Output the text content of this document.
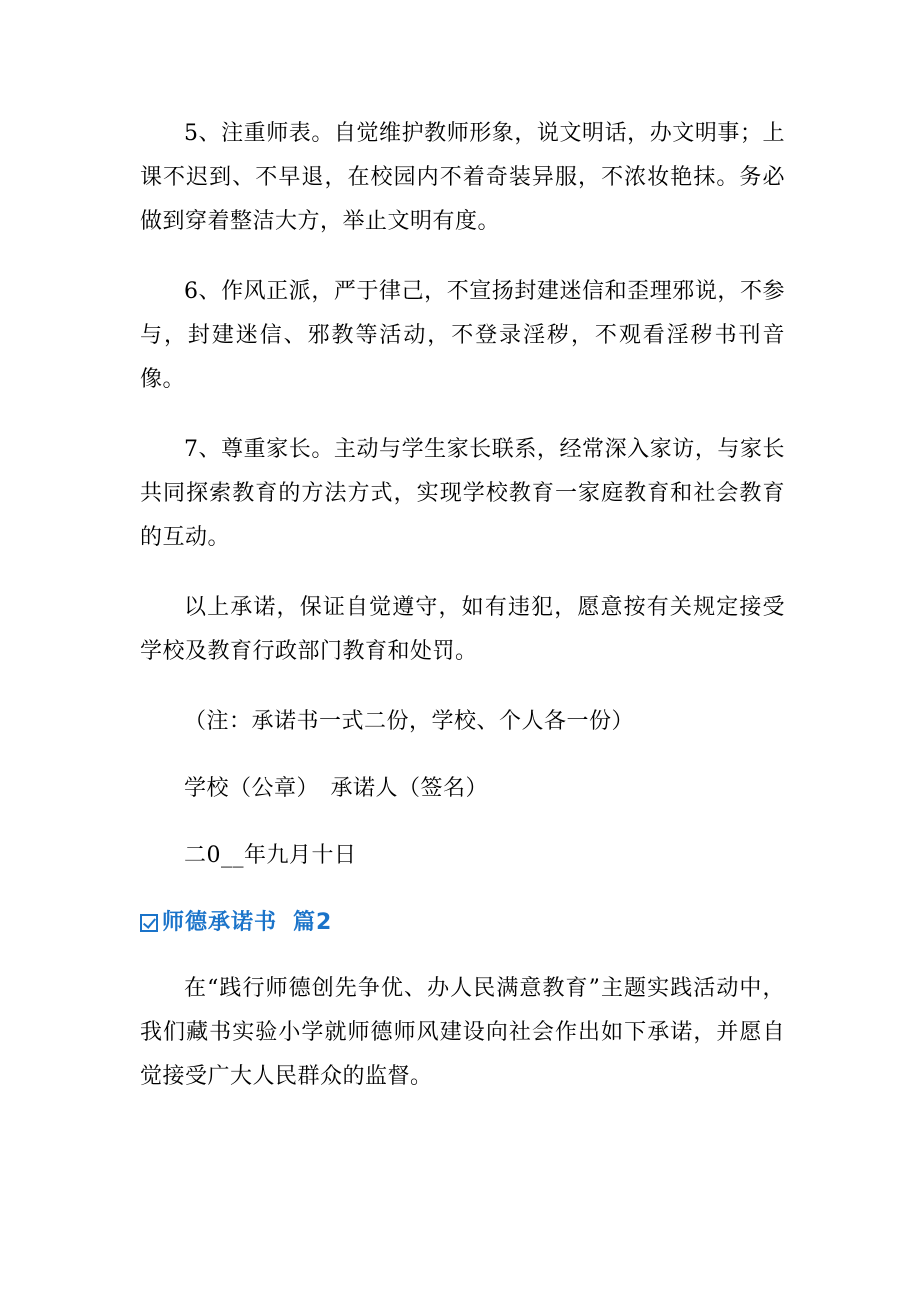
5、注重师表。自觉维护教师形象，说文明话，办文明事；上课不迟到、不早退，在校园内不着奇装异服，不浓妆艳抹。务必做到穿着整洁大方，举止文明有度。

6、作风正派，严于律己，不宣扬封建迷信和歪理邪说，不参与，封建迷信、邪教等活动，不登录淫秽，不观看淫秽书刊音像。

7、尊重家长。主动与学生家长联系，经常深入家访，与家长共同探索教育的方法方式，实现学校教育一家庭教育和社会教育的互动。

以上承诺，保证自觉遵守，如有违犯，愿意按有关规定接受学校及教育行政部门教育和处罚。

（注：承诺书一式二份，学校、个人各一份）

学校（公章）　承诺人（签名）

二0__年九月十日

师德承诺书 篇2

在“践行师德创先争优、办人民满意教育”主题实践活动中，我们藏书实验小学就师德师风建设向社会作出如下承诺，并愿自觉接受广大人民群众的监督。
